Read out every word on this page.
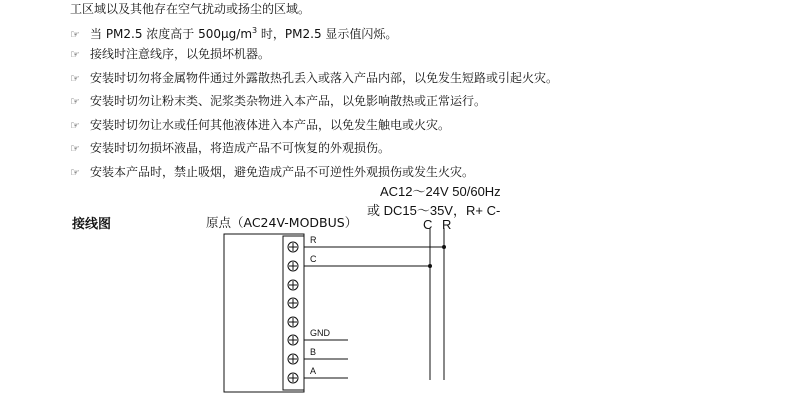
工区域以及其他存在空气扰动或扬尘的区域。
☞ 当 PM2.5 浓度高于 $500\mu g/m^3$ 时，PM2.5 显示值闪烁。
☞ 接线时注意线序，以免损坏机器。
☞ 安装时切勿将金属物件通过外露散热孔丢入或落入产品内部，以免发生短路或引起火灾。
☞ 安装时切勿让粉末类、泥浆类杂物进入本产品，以免影响散热或正常运行。
☞ 安装时切勿让水或任何其他液体进入本产品，以免发生触电或火灾。
☞ 安装时切勿损坏液晶，将造成产品不可恢复的外观损伤。
☞ 安装本产品时，禁止吸烟，避免造成产品不可逆性外观损伤或发生火灾。
接线图
AC12～24V 50/60Hz
或 DC15～35V，R+ C-
C R
原点（AC24V-MODBUS）
R
C
GND
B
A
